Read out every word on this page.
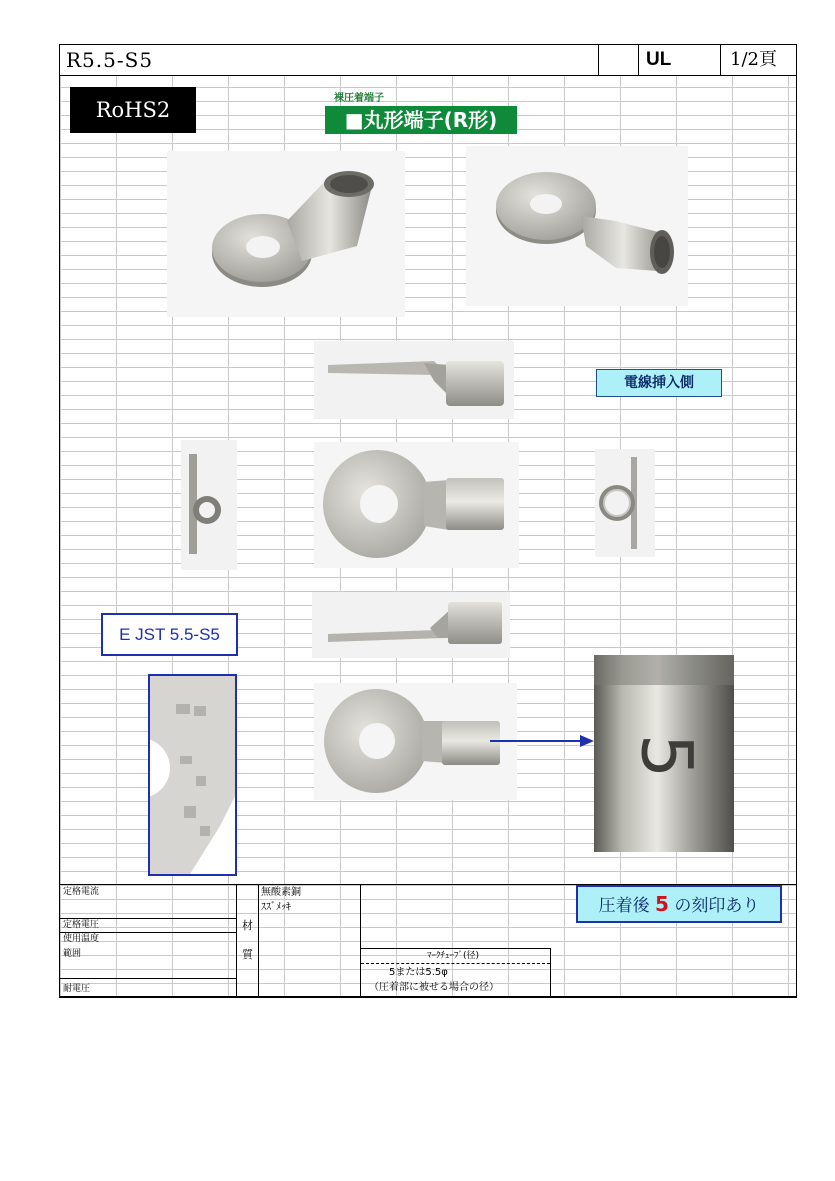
R5.5-S5	UL	1/2頁
RoHS2	裸圧着端子
■丸形端子(R形)
電線挿入側
E JST 5.5-S5
5
圧着後 5 の刻印あり
定格電流
定格電圧
使用温度
範囲
耐電圧
材
質
無酸素銅
ｽｽﾞﾒｯｷ
ﾏｰｸﾁｭｰﾌﾞ(径)
5または5.5φ
（圧着部に被せる場合の径）
